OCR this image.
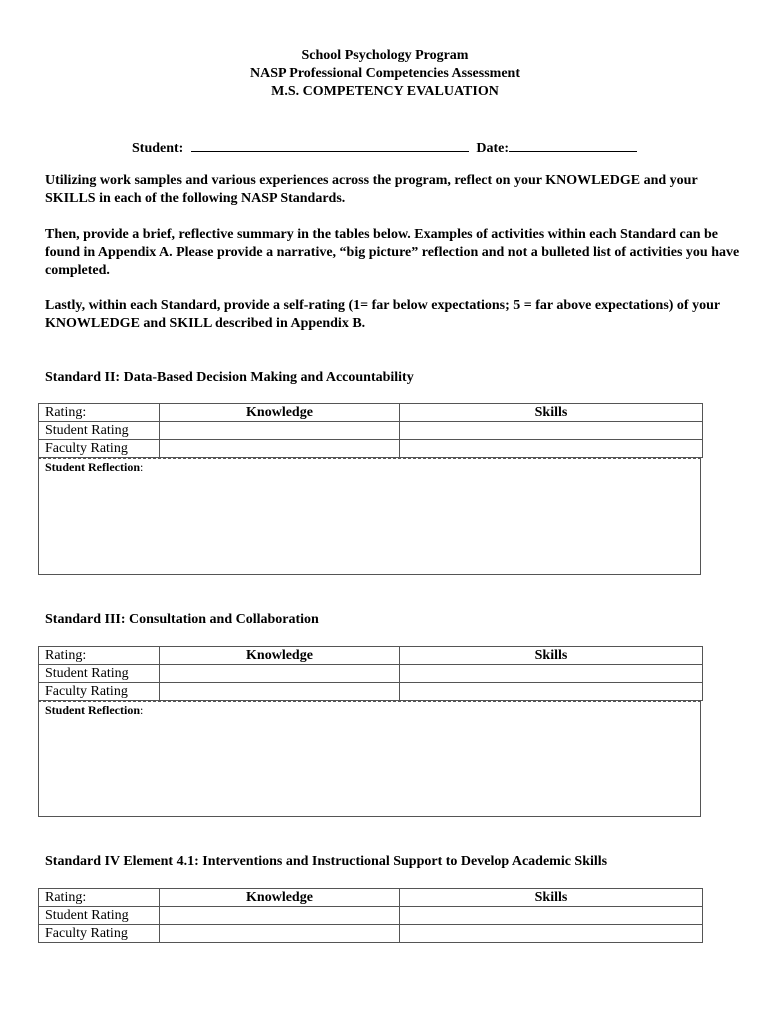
School Psychology Program
NASP Professional Competencies Assessment
M.S. COMPETENCY EVALUATION
Student:	Date:

Utilizing work samples and various experiences across the program, reflect on your KNOWLEDGE and your SKILLS in each of the following NASP Standards.

Then, provide a brief, reflective summary in the tables below. Examples of activities within each Standard can be found in Appendix A. Please provide a narrative, “big picture” reflection and not a bulleted list of activities you have completed.

Lastly, within each Standard, provide a self-rating (1= far below expectations; 5 = far above expectations) of your KNOWLEDGE and SKILL described in Appendix B.

Standard II: Data-Based Decision Making and Accountability

Rating:	Knowledge	Skills
Student Rating		
Faculty Rating		
Student Reflection:

Standard III: Consultation and Collaboration

Rating:	Knowledge	Skills
Student Rating		
Faculty Rating		
Student Reflection:

Standard IV Element 4.1: Interventions and Instructional Support to Develop Academic Skills

Rating:	Knowledge	Skills
Student Rating		
Faculty Rating		
